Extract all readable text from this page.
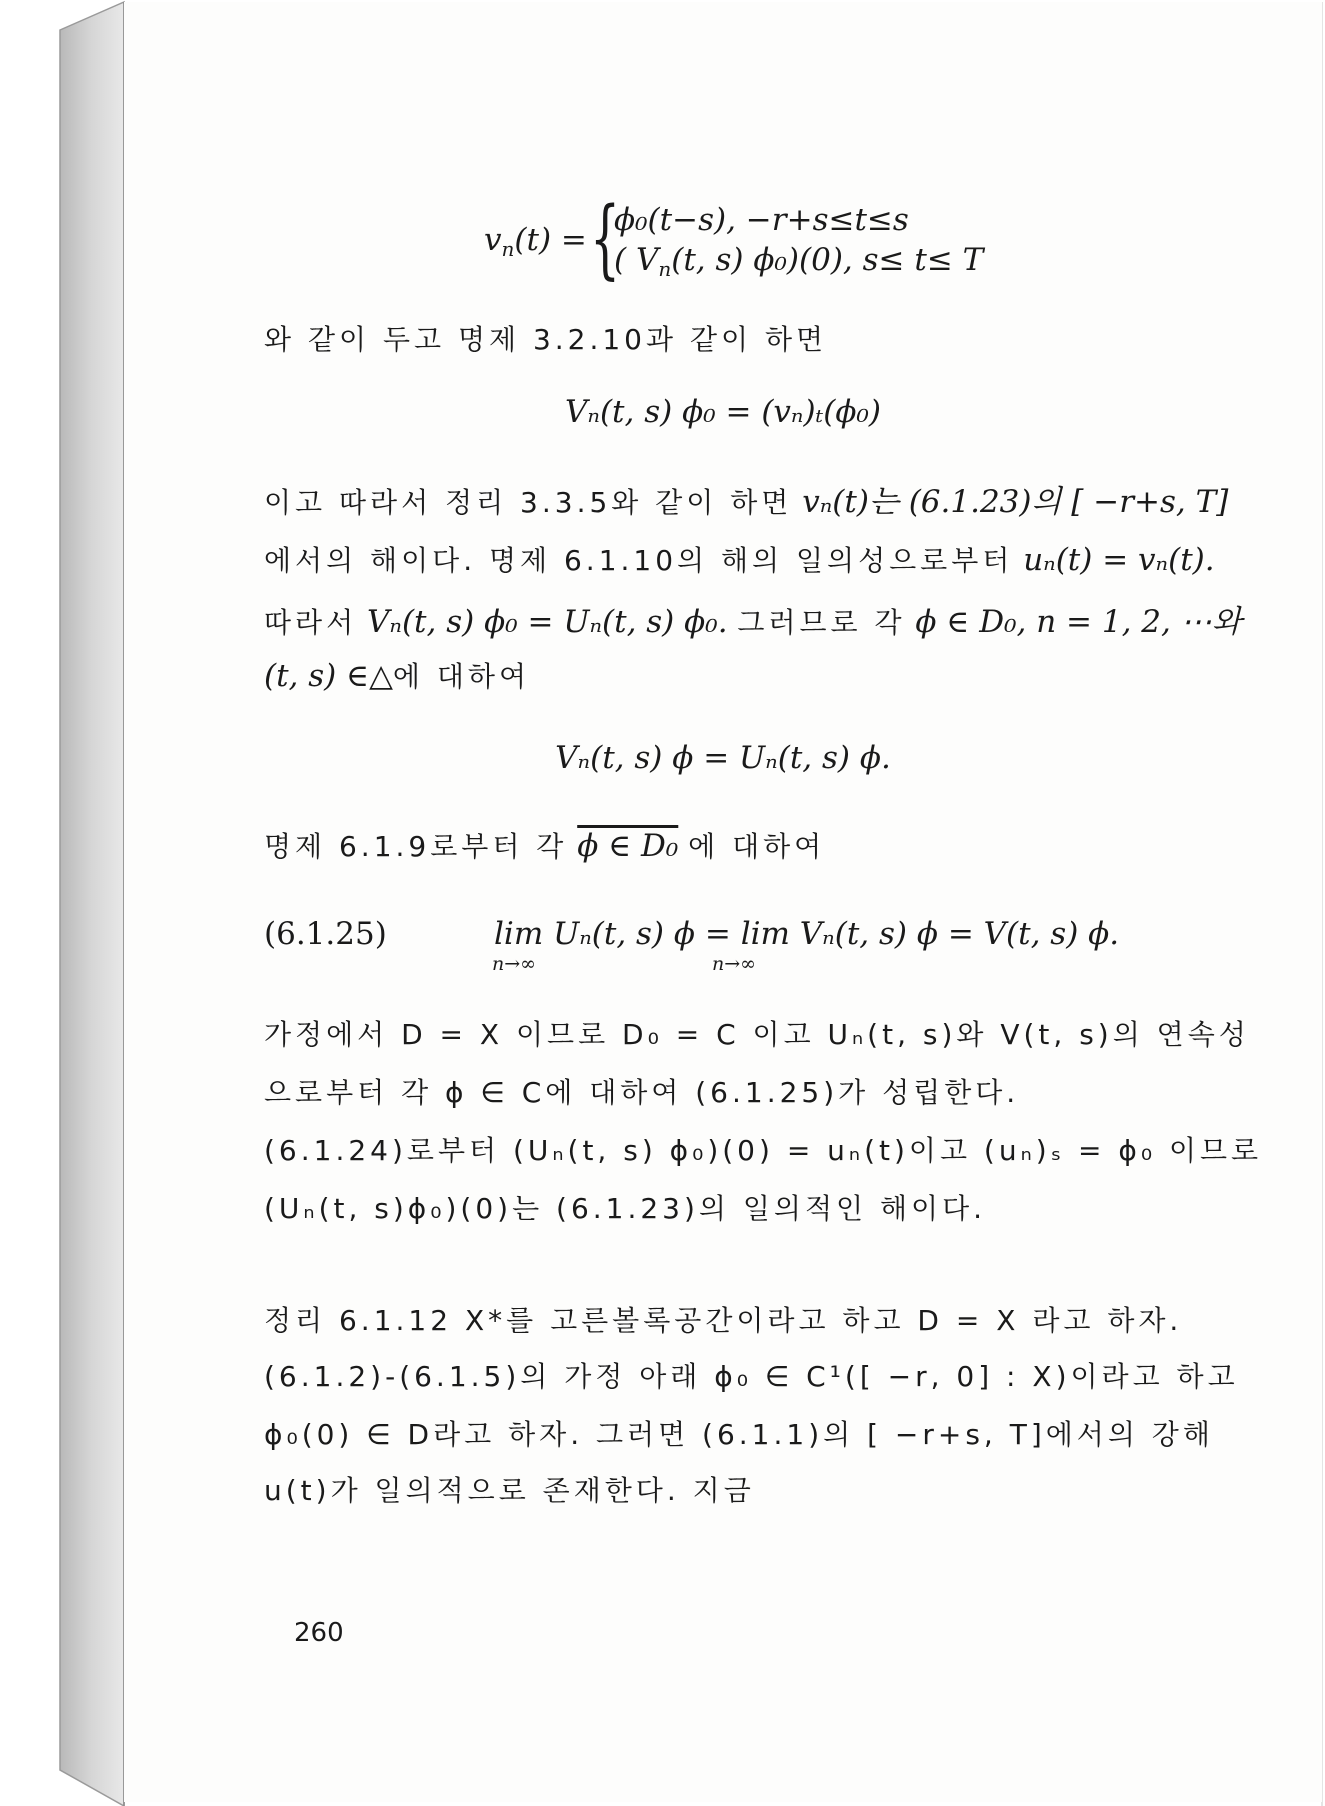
$v_n(t)$ = {
ϕ₀(t−s), −r+s≤t≤s
( $V_n(t$, s) ϕ₀)(0), s≤ t≤ T
와 같이 두고 명제 3.2.10과 같이 하면
Vₙ(t, s) ϕ₀ = (vₙ)ₜ(ϕ₀)
이고 따라서 정리 3.3.5와 같이 하면 vₙ(t)는 (6.1.23)의 [ −r+s, T]
에서의 해이다. 명제 6.1.10의 해의 일의성으로부터 uₙ(t) = vₙ(t).
따라서 Vₙ(t, s) ϕ₀ = Uₙ(t, s) ϕ₀. 그러므로 각 ϕ ∈ D₀, n = 1, 2, ⋯와
(t, s) ∈△에 대하여
Vₙ(t, s) ϕ = Uₙ(t, s) ϕ.
명제 6.1.9로부터 각 ϕ ∈ D₀ 에 대하여
(6.1.25)	lim Uₙ(t, s) ϕ = lim Vₙ(t, s) ϕ = V(t, s) ϕ.
n→∞	n→∞
가정에서 D = X 이므로 D₀ = C 이고 Uₙ(t, s)와 V(t, s)의 연속성
으로부터 각 ϕ ∈ C에 대하여 (6.1.25)가 성립한다.
(6.1.24)로부터 (Uₙ(t, s) ϕ₀)(0) = uₙ(t)이고 (uₙ)ₛ = ϕ₀ 이므로
(Uₙ(t, s)ϕ₀)(0)는 (6.1.23)의 일의적인 해이다.
정리 6.1.12 X*를 고른볼록공간이라고 하고 D = X 라고 하자.
(6.1.2)-(6.1.5)의 가정 아래 ϕ₀ ∈ C¹([ −r, 0] : X)이라고 하고
ϕ₀(0) ∈ D라고 하자. 그러면 (6.1.1)의 [ −r+s, T]에서의 강해
u(t)가 일의적으로 존재한다. 지금
260
